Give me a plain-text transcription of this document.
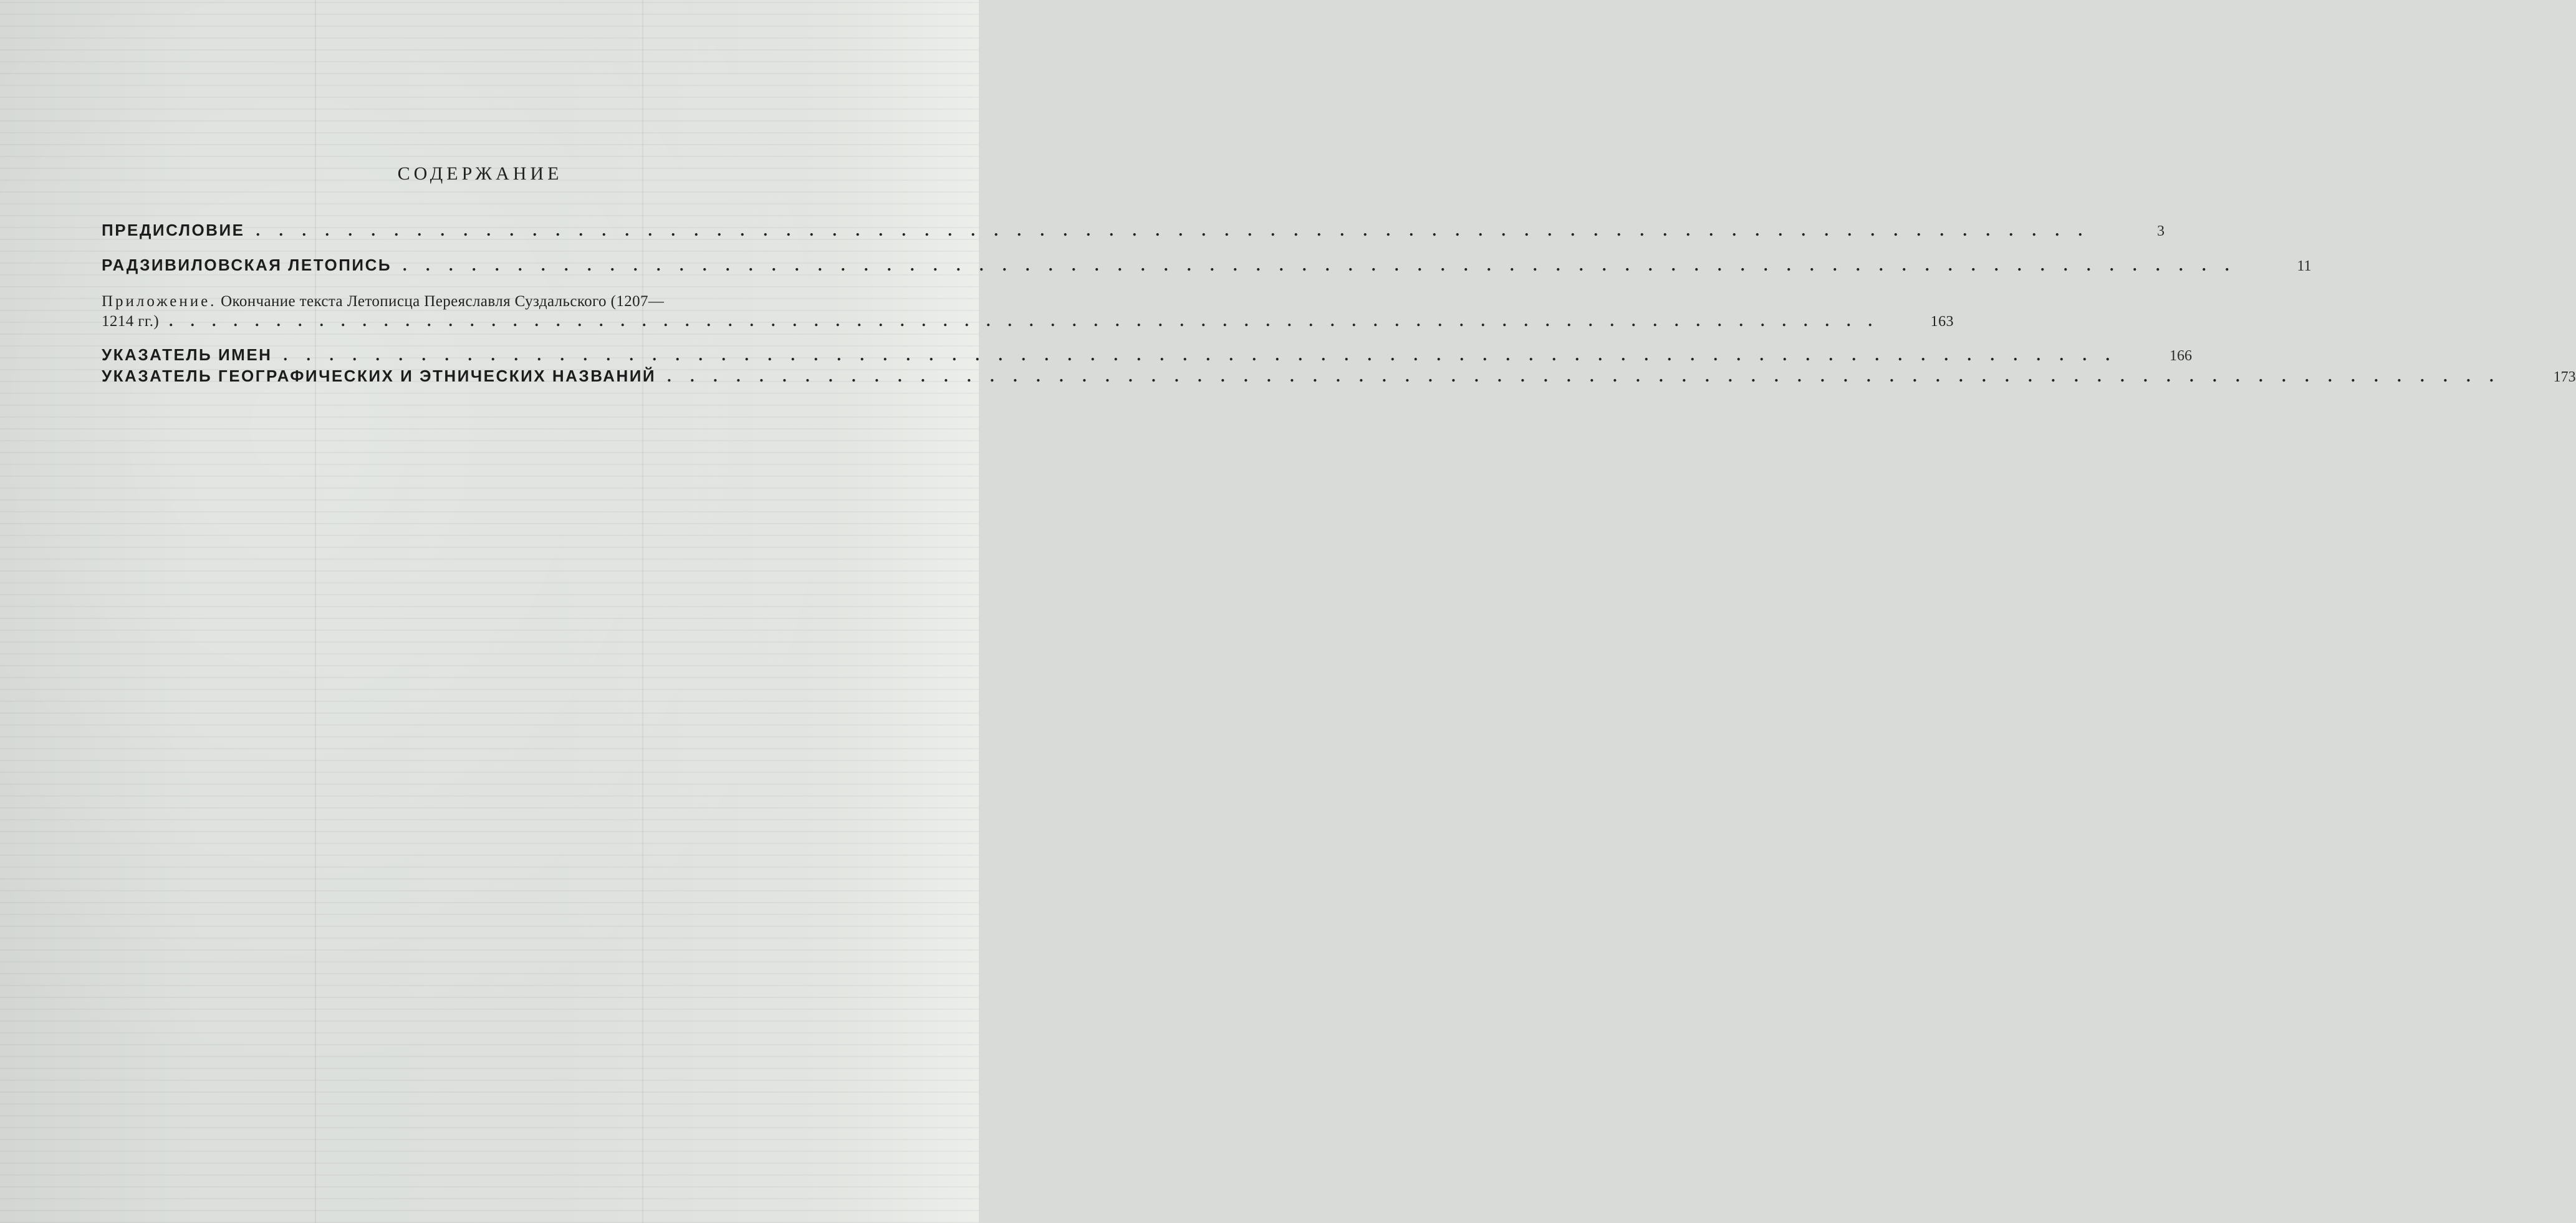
СОДЕРЖАНИЕ
ПРЕДИСЛОВИЕ . . . . . . . . . . . . . . . . . . . . . . . . . . . . . . . . . . . . . . . . . . . . . . . . . . . . . . . . . . . . . . . . . . . . . . . . . . . . . . . .	3
РАДЗИВИЛОВСКАЯ ЛЕТОПИСЬ . . . . . . . . . . . . . . . . . . . . . . . . . . . . . . . . . . . . . . . . . . . . . . . . . . . . . . . . . . . . . . . . . . . . . . . . . . . . . . . .	11
Приложение. Окончание текста Летописца Переяславля Суздальского (1207—
1214 гг.) . . . . . . . . . . . . . . . . . . . . . . . . . . . . . . . . . . . . . . . . . . . . . . . . . . . . . . . . . . . . . . . . . . . . . . . . . . . . . . . .	163
УКАЗАТЕЛЬ ИМЕН . . . . . . . . . . . . . . . . . . . . . . . . . . . . . . . . . . . . . . . . . . . . . . . . . . . . . . . . . . . . . . . . . . . . . . . . . . . . . . . .	166
УКАЗАТЕЛЬ ГЕОГРАФИЧЕСКИХ И ЭТНИЧЕСКИХ НАЗВАНИЙ . . . . . . . . . . . . . . . . . . . . . . . . . . . . . . . . . . . . . . . . . . . . . . . . . . . . . . . . . . . . . . . . . . . . . . . . . . . . . . . .	173
